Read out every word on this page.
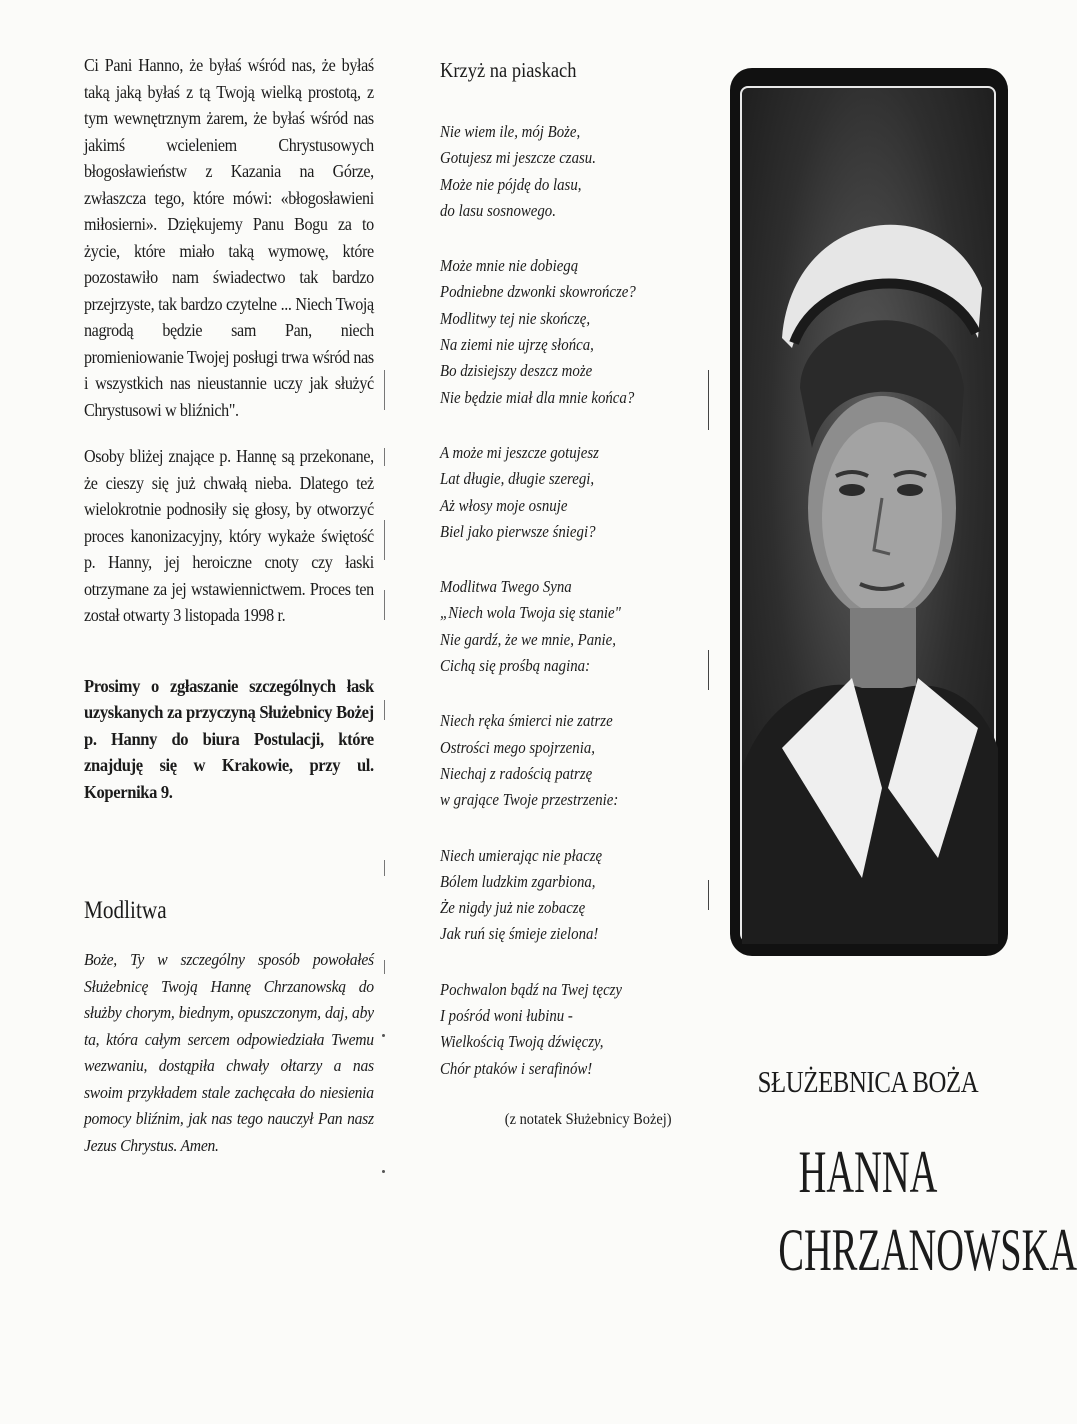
Ci Pani Hanno, że byłaś wśród nas, że byłaś taką jaką byłaś z tą Twoją wielką prostotą, z tym wewnętrznym żarem, że byłaś wśród nas jakimś wcieleniem Chrystusowych błogosławieństw z Kazania na Górze, zwłaszcza tego, które mówi: «błogosławieni miłosierni». Dziękujemy Panu Bogu za to życie, które miało taką wymowę, które pozostawiło nam świadectwo tak bardzo przejrzyste, tak bardzo czytelne ... Niech Twoją nagrodą będzie sam Pan, niech promieniowanie Twojej posługi trwa wśród nas i wszystkich nas nieustannie uczy jak służyć Chrystusowi w bliźnich".

Osoby bliżej znające p. Hannę są przekonane, że cieszy się już chwałą nieba. Dlatego też wielokrotnie podnosiły się głosy, by otworzyć proces kanonizacyjny, który wykaże świętość p. Hanny, jej heroiczne cnoty czy łaski otrzymane za jej wstawiennictwem. Proces ten został otwarty 3 listopada 1998 r.

Prosimy o zgłaszanie szczególnych łask uzyskanych za przyczyną Służebnicy Bożej p. Hanny do biura Postulacji, które znajduję się w Krakowie, przy ul. Kopernika 9.

Modlitwa

Boże, Ty w szczególny sposób powołałeś Służebnicę Twoją Hannę Chrzanowską do służby chorym, biednym, opuszczonym, daj, aby ta, która całym sercem odpowiedziała Twemu wezwaniu, dostąpiła chwały ołtarzy a nas swoim przykładem stale zachęcała do niesienia pomocy bliźnim, jak nas tego nauczył Pan nasz Jezus Chrystus. Amen.

Krzyż na piaskach
Nie wiem ile, mój Boże,
Gotujesz mi jeszcze czasu.
Może nie pójdę do lasu,
do lasu sosnowego.
Może mnie nie dobiegą
Podniebne dzwonki skowrończe?
Modlitwy tej nie skończę,
Na ziemi nie ujrzę słońca,
Bo dzisiejszy deszcz może
Nie będzie miał dla mnie końca?
A może mi jeszcze gotujesz
Lat długie, długie szeregi,
Aż włosy moje osnuje
Biel jako pierwsze śniegi?
Modlitwa Twego Syna
„Niech wola Twoja się stanie"
Nie gardź, że we mnie, Panie,
Cichą się prośbą nagina:
Niech ręka śmierci nie zatrze
Ostrości mego spojrzenia,
Niechaj z radością patrzę
w grające Twoje przestrzenie:
Niech umierając nie płaczę
Bólem ludzkim zgarbiona,
Że nigdy już nie zobaczę
Jak ruń się śmieje zielona!
Pochwalon bądź na Twej tęczy
I pośród woni łubinu -
Wielkością Twoją dźwięczy,
Chór ptaków i serafinów!
(z notatek Służebnicy Bożej)
SŁUŻEBNICA BOŻA
HANNA
CHRZANOWSKA
